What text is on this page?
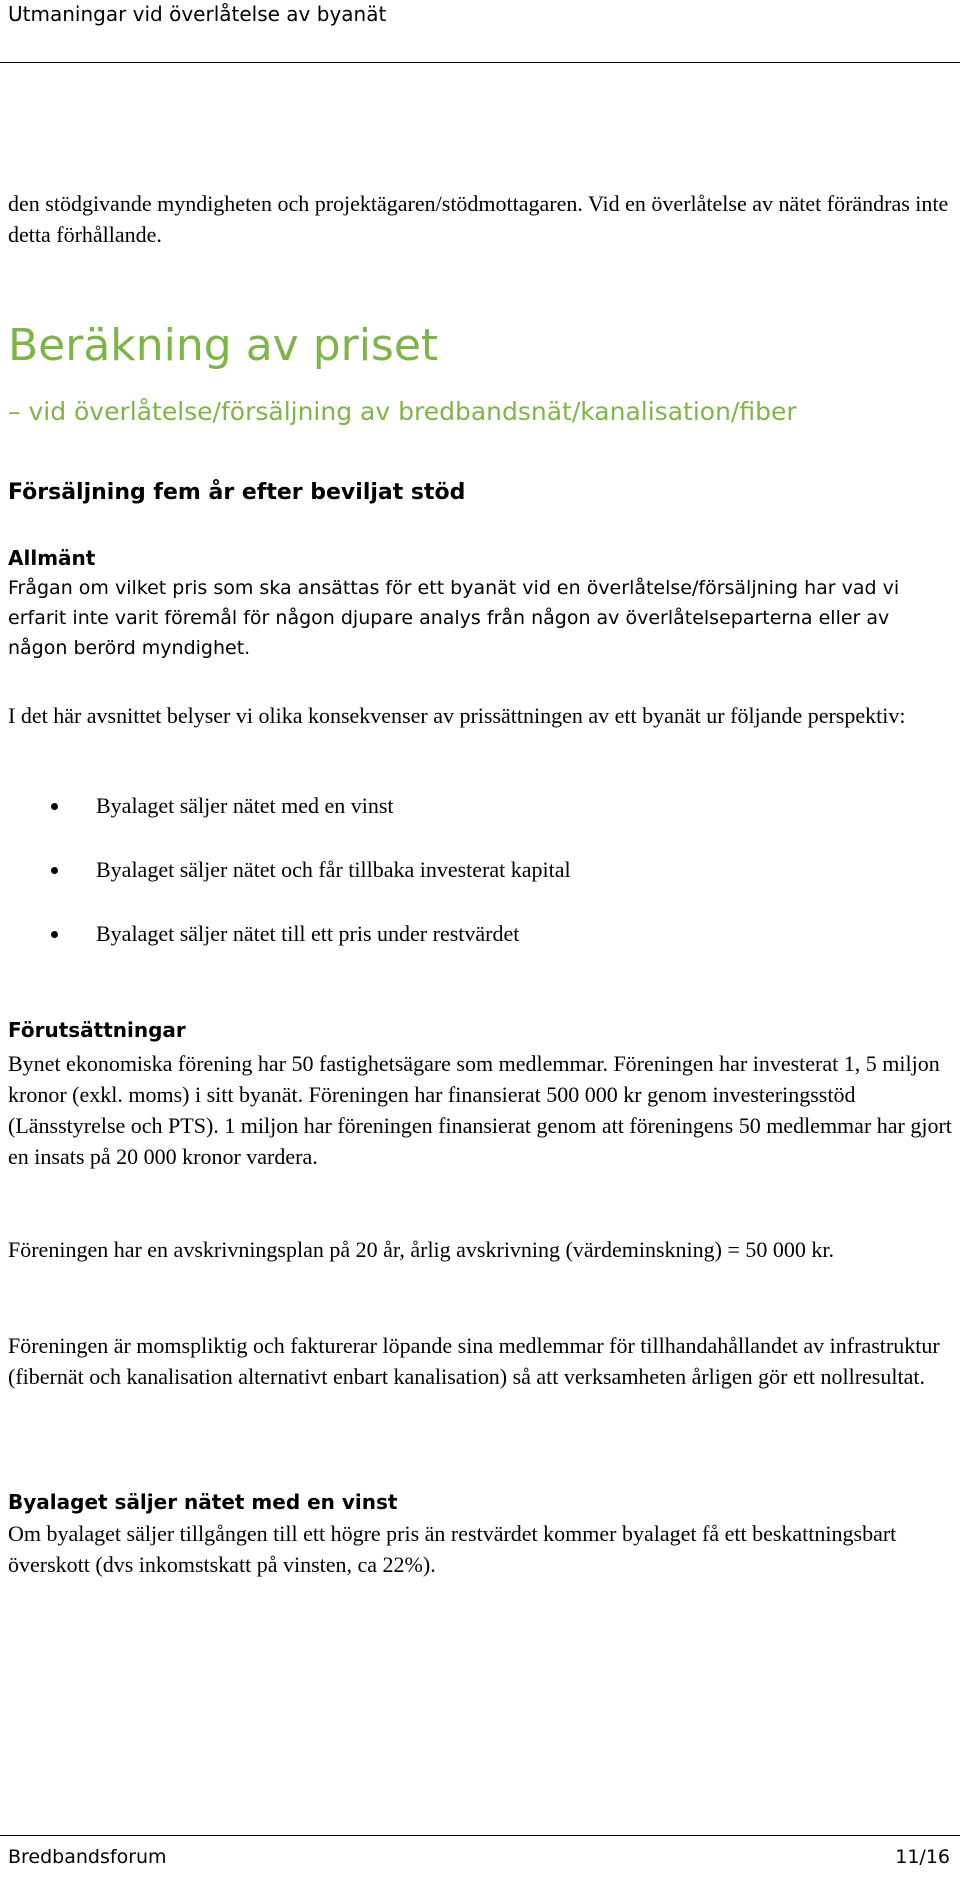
Utmaningar vid överlåtelse av byanät

den stödgivande myndigheten och projektägaren/stödmottagaren. Vid en överlåtelse av nätet förändras inte detta förhållande.

Beräkning av priset
– vid överlåtelse/försäljning av bredbandsnät/kanalisation/fiber
Försäljning fem år efter beviljat stöd
Allmänt

Frågan om vilket pris som ska ansättas för ett byanät vid en överlåtelse/försäljning har vad vi erfarit inte varit föremål för någon djupare analys från någon av överlåtelseparterna eller av någon berörd myndighet.

I det här avsnittet belyser vi olika konsekvenser av prissättningen av ett byanät ur följande perspektiv:

Byalaget säljer nätet med en vinst
Byalaget säljer nätet och får tillbaka investerat kapital
Byalaget säljer nätet till ett pris under restvärdet
Förutsättningar

Bynet ekonomiska förening har 50 fastighetsägare som medlemmar. Föreningen har investerat 1, 5 miljon kronor (exkl. moms) i sitt byanät. Föreningen har finansierat 500 000 kr genom investeringsstöd (Länsstyrelse och PTS). 1 miljon har föreningen finansierat genom att föreningens 50 medlemmar har gjort en insats på 20 000 kronor vardera.

Föreningen har en avskrivningsplan på 20 år, årlig avskrivning (värdeminskning) = 50 000 kr.

Föreningen är momspliktig och fakturerar löpande sina medlemmar för tillhandahållandet av infrastruktur (fibernät och kanalisation alternativt enbart kanalisation) så att verksamheten årligen gör ett nollresultat.

Byalaget säljer nätet med en vinst

Om byalaget säljer tillgången till ett högre pris än restvärdet kommer byalaget få ett beskattningsbart överskott (dvs inkomstskatt på vinsten, ca 22%).

Bredbandsforum	11/16
